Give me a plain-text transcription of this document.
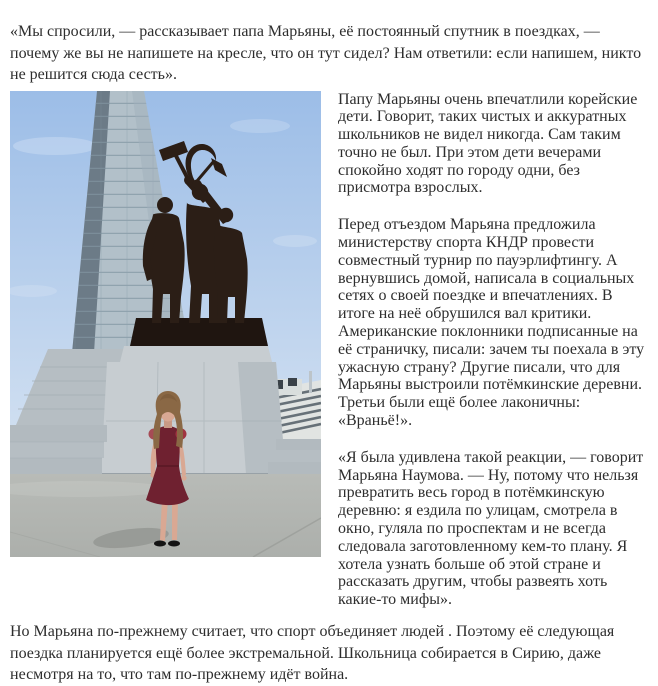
«Мы спросили, — рассказывает папа Марьяны, её постоянный спутник в поездках, — почему же вы не напишете на кресле, что он тут сидел? Нам ответили: если напишем, никто не решится сюда сесть».

Папу Марьяны очень впечатлили корейские дети. Говорит, таких чистых и аккуратных школьников не видел никогда. Сам таким точно не был. При этом дети вечерами спокойно ходят по городу одни, без присмотра взрослых.

Перед отъездом Марьяна предложила министерству спорта КНДР провести совместный турнир по пауэрлифтингу. А вернувшись домой, написала в социальных сетях о своей поездке и впечатлениях. В итоге на неё обрушился вал критики. Американские поклонники подписанные на её страничку, писали: зачем ты поехала в эту ужасную страну? Другие писали, что для Марьяны выстроили потёмкинские деревни. Третьи были ещё более лаконичны: «Враньё!».

«Я была удивлена такой реакции, — говорит Марьяна Наумова. — Ну, потому что нельзя превратить весь город в потёмкинскую деревню: я ездила по улицам, смотрела в окно, гуляла по проспектам и не всегда следовала заготовленному кем-то плану. Я хотела узнать больше об этой стране и рассказать другим, чтобы развеять хоть какие-то мифы».

Но Марьяна по-прежнему считает, что спорт объединяет людей . Поэтому её следующая поездка планируется ещё более экстремальной. Школьница собирается в Сирию, даже несмотря на то, что там по-прежнему идёт война.
